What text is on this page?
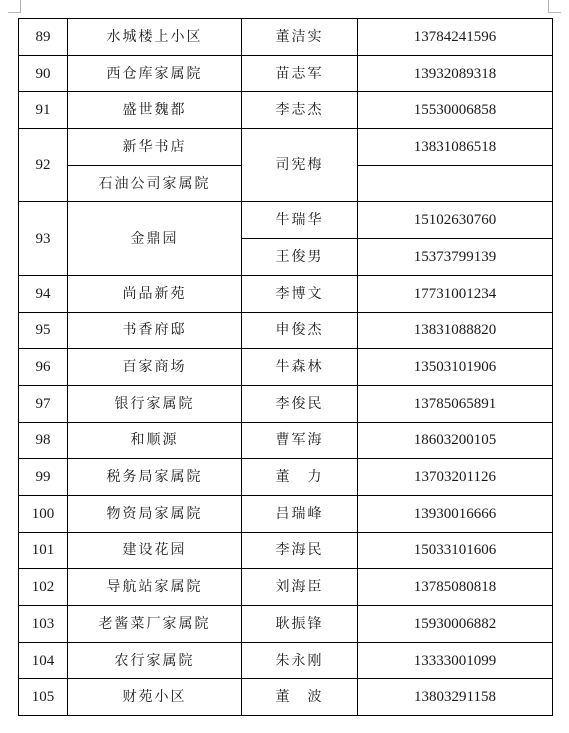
89	水城楼上小区	董洁实	13784241596
90	西仓库家属院	苗志军	13932089318
91	盛世魏都	李志杰	15530006858
92	新华书店	司宪梅	13831086518
	石油公司家属院		
93	金鼎园	牛瑞华	15102630760
		王俊男	15373799139
94	尚品新苑	李博文	17731001234
95	书香府邸	申俊杰	13831088820
96	百家商场	牛森林	13503101906
97	银行家属院	李俊民	13785065891
98	和顺源	曹军海	18603200105
99	税务局家属院	董　力	13703201126
100	物资局家属院	吕瑞峰	13930016666
101	建设花园	李海民	15033101606
102	导航站家属院	刘海臣	13785080818
103	老酱菜厂家属院	耿振锋	15930006882
104	农行家属院	朱永刚	13333001099
105	财苑小区	董　波	13803291158
